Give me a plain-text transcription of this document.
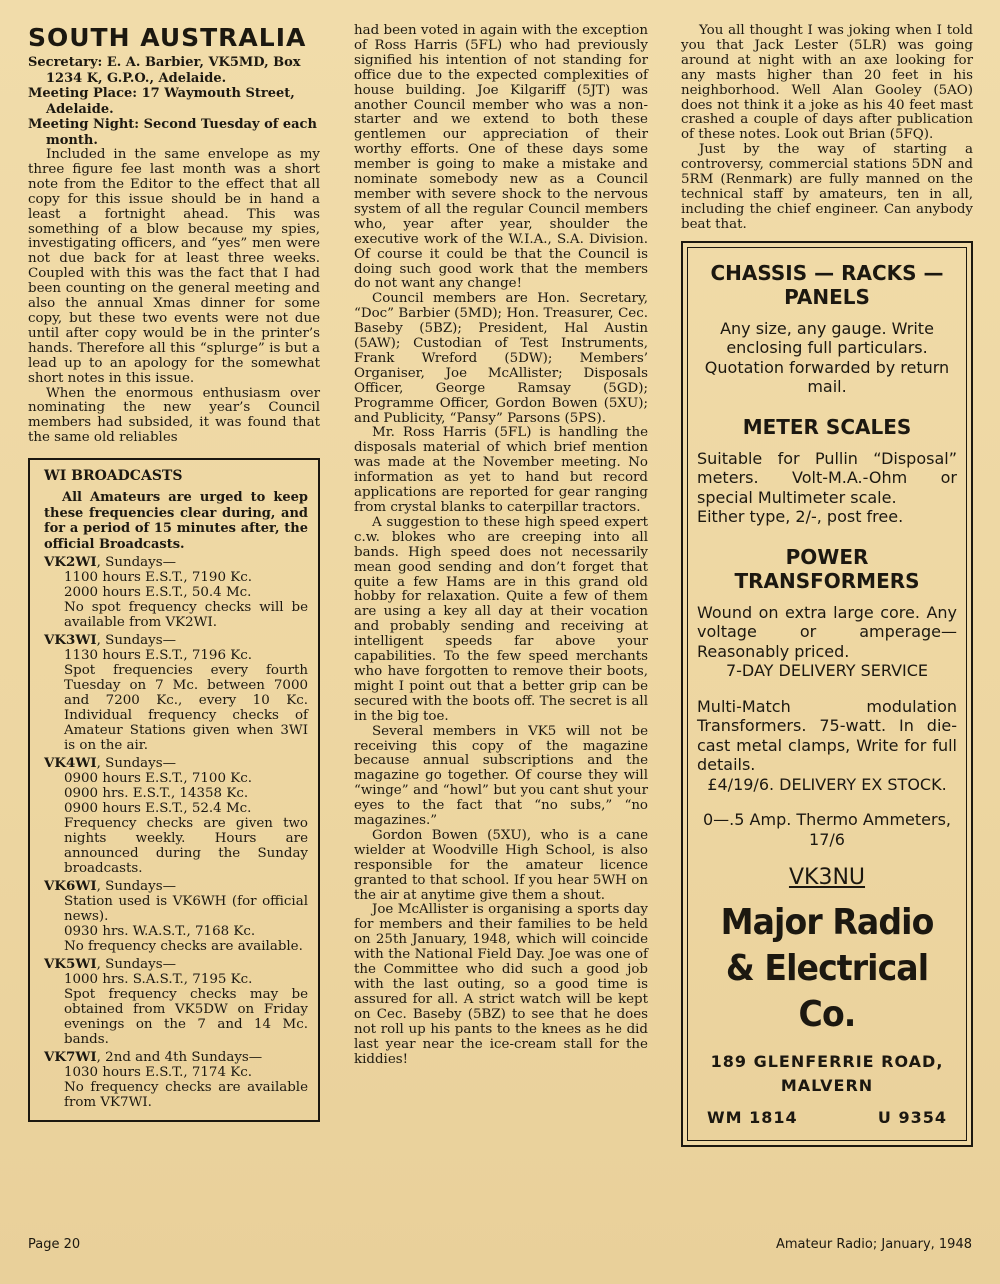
SOUTH AUSTRALIA

Secretary: E. A. Barbier, VK5MD, Box 1234 K, G.P.O., Adelaide.

Meeting Place: 17 Waymouth Street, Adelaide.

Meeting Night: Second Tuesday of each month.

Included in the same envelope as my three figure fee last month was a short note from the Editor to the effect that all copy for this issue should be in hand a least a fortnight ahead. This was something of a blow because my spies, investigating officers, and “yes” men were not due back for at least three weeks. Coupled with this was the fact that I had been counting on the general meeting and also the annual Xmas dinner for some copy, but these two events were not due until after copy would be in the printer’s hands. Therefore all this “splurge” is but a lead up to an apology for the somewhat short notes in this issue.

When the enormous enthusiasm over nominating the new year’s Council members had subsided, it was found that the same old reliables

WI BROADCASTS

All Amateurs are urged to keep these frequencies clear during, and for a period of 15 minutes after, the official Broadcasts.

VK2WI, Sundays—
1100 hours E.S.T., 7190 Kc.
2000 hours E.S.T., 50.4 Mc.
No spot frequency checks will be available from VK2WI.
VK3WI, Sundays—
1130 hours E.S.T., 7196 Kc.
Spot frequencies every fourth Tuesday on 7 Mc. between 7000 and 7200 Kc., every 10 Kc. Individual frequency checks of Amateur Stations given when 3WI is on the air.
VK4WI, Sundays—
0900 hours E.S.T., 7100 Kc.
0900 hrs. E.S.T., 14358 Kc.
0900 hours E.S.T., 52.4 Mc.
Frequency checks are given two nights weekly. Hours are announced during the Sunday broadcasts.
VK6WI, Sundays—
Station used is VK6WH (for official news).
0930 hrs. W.A.S.T., 7168 Kc.
No frequency checks are available.
VK5WI, Sundays—
1000 hrs. S.A.S.T., 7195 Kc.
Spot frequency checks may be obtained from VK5DW on Friday evenings on the 7 and 14 Mc. bands.
VK7WI, 2nd and 4th Sundays—
1030 hours E.S.T., 7174 Kc.
No frequency checks are available from VK7WI.

had been voted in again with the exception of Ross Harris (5FL) who had previously signified his intention of not standing for office due to the expected complexities of house building. Joe Kilgariff (5JT) was another Council member who was a non-starter and we extend to both these gentlemen our appreciation of their worthy efforts. One of these days some member is going to make a mistake and nominate somebody new as a Council member with severe shock to the nervous system of all the regular Council members who, year after year, shoulder the executive work of the W.I.A., S.A. Division. Of course it could be that the Council is doing such good work that the members do not want any change!

Council members are Hon. Secretary, “Doc” Barbier (5MD); Hon. Treasurer, Cec. Baseby (5BZ); President, Hal Austin (5AW); Custodian of Test Instruments, Frank Wreford (5DW); Members’ Organiser, Joe McAllister; Disposals Officer, George Ramsay (5GD); Programme Officer, Gordon Bowen (5XU); and Publicity, “Pansy” Parsons (5PS).

Mr. Ross Harris (5FL) is handling the disposals material of which brief mention was made at the November meeting. No information as yet to hand but record applications are reported for gear ranging from crystal blanks to caterpillar tractors.

A suggestion to these high speed expert c.w. blokes who are creeping into all bands. High speed does not necessarily mean good sending and don’t forget that quite a few Hams are in this grand old hobby for relaxation. Quite a few of them are using a key all day at their vocation and probably sending and receiving at intelligent speeds far above your capabilities. To the few speed merchants who have forgotten to remove their boots, might I point out that a better grip can be secured with the boots off. The secret is all in the big toe.

Several members in VK5 will not be receiving this copy of the magazine because annual subscriptions and the magazine go together. Of course they will “winge” and “howl” but you cant shut your eyes to the fact that “no subs,” “no magazines.”

Gordon Bowen (5XU), who is a cane wielder at Woodville High School, is also responsible for the amateur licence granted to that school. If you hear 5WH on the air at anytime give them a shout.

Joe McAllister is organising a sports day for members and their families to be held on 25th January, 1948, which will coincide with the National Field Day. Joe was one of the Committee who did such a good job with the last outing, so a good time is assured for all. A strict watch will be kept on Cec. Baseby (5BZ) to see that he does not roll up his pants to the knees as he did last year near the ice-cream stall for the kiddies!

You all thought I was joking when I told you that Jack Lester (5LR) was going around at night with an axe looking for any masts higher than 20 feet in his neighborhood. Well Alan Gooley (5AO) does not think it a joke as his 40 feet mast crashed a couple of days after publication of these notes. Look out Brian (5FQ).

Just by the way of starting a controversy, commercial stations 5DN and 5RM (Renmark) are fully manned on the technical staff by amateurs, ten in all, including the chief engineer. Can anybody beat that.

CHASSIS — RACKS — PANELS

Any size, any gauge. Write enclosing full particulars. Quotation forwarded by return mail.

METER SCALES

Suitable for Pullin “Disposal” meters. Volt-M.A.-Ohm or special Multimeter scale.

Either type, 2/-, post free.

POWER TRANSFORMERS

Wound on extra large core. Any voltage or amperage— Reasonably priced.

7-DAY DELIVERY SERVICE

Multi-Match modulation Transformers. 75-watt. In die-cast metal clamps, Write for full details.

£4/19/6. DELIVERY EX STOCK.

0—.5 Amp. Thermo Ammeters, 17/6

VK3NU
Major Radio & Electrical Co.
189 GLENFERRIE ROAD,
MALVERN
WM 1814	U 9354
Page 20	Amateur Radio; January, 1948
